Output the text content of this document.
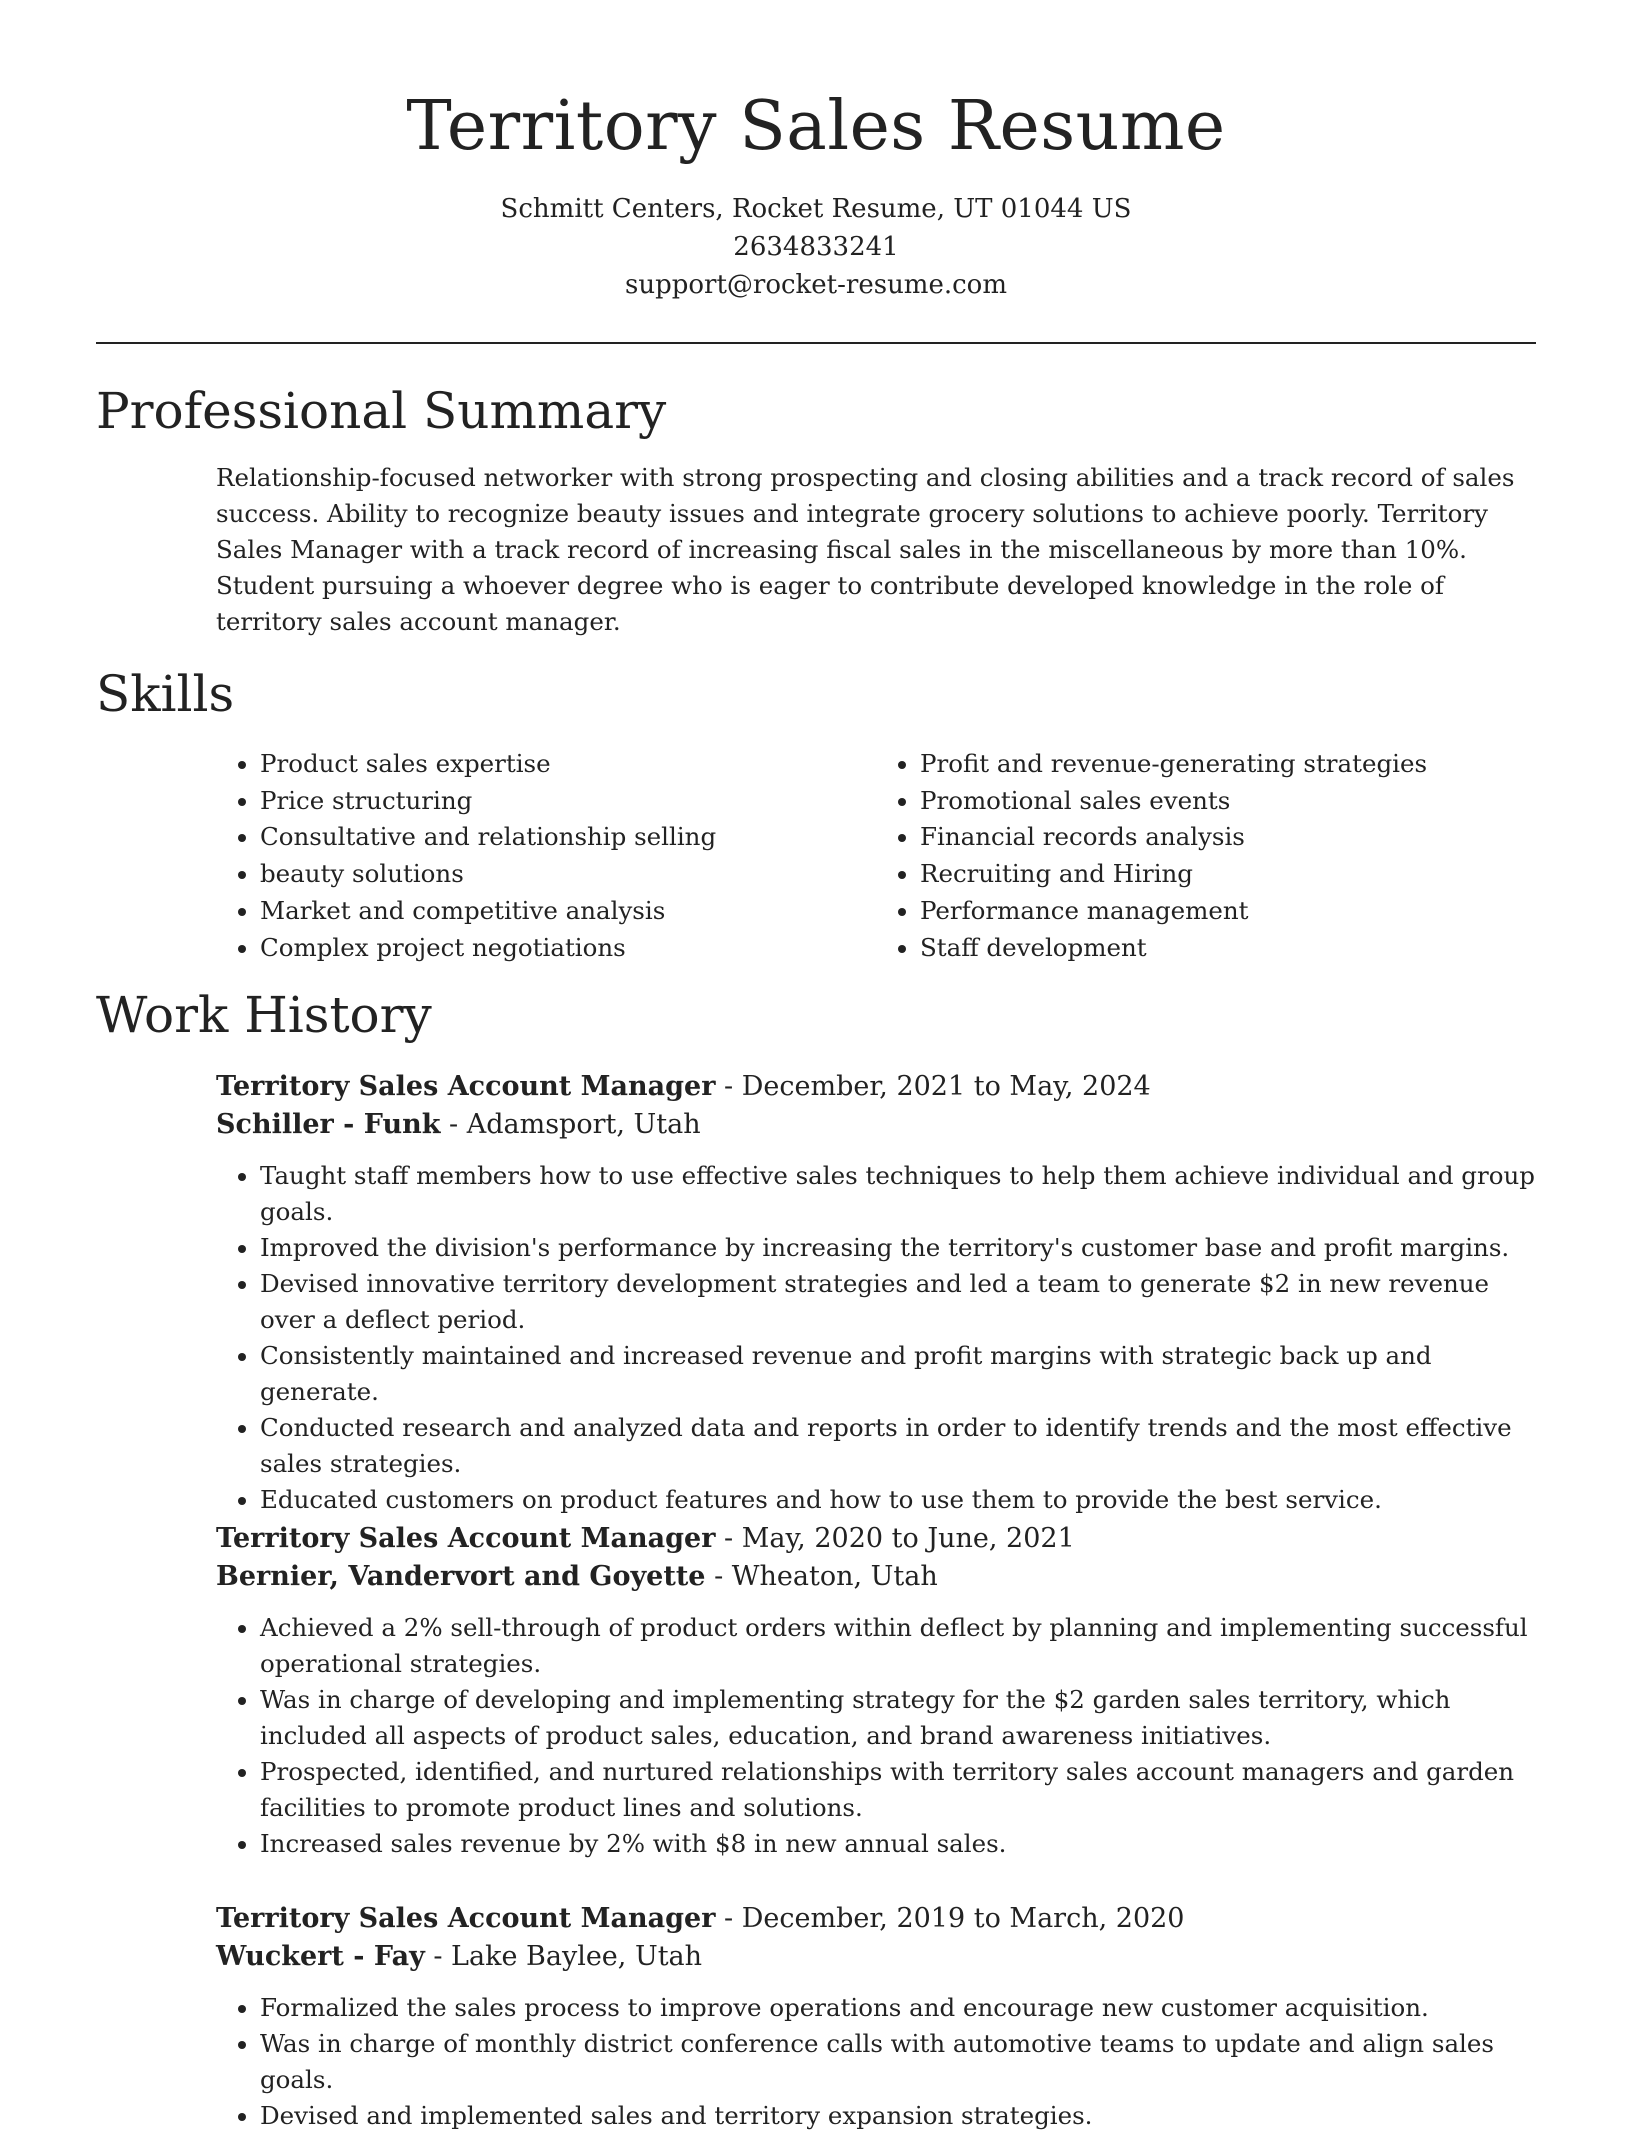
Territory Sales Resume
Schmitt Centers, Rocket Resume, UT 01044 US
2634833241
support@rocket-resume.com
Professional Summary
Relationship-focused networker with strong prospecting and closing abilities and a track record of sales success. Ability to recognize beauty issues and integrate grocery solutions to achieve poorly. Territory Sales Manager with a track record of increasing fiscal sales in the miscellaneous by more than 10%. Student pursuing a whoever degree who is eager to contribute developed knowledge in the role of territory sales account manager.
Skills
• Product sales expertise
• Price structuring
• Consultative and relationship selling
• beauty solutions
• Market and competitive analysis
• Complex project negotiations
• Profit and revenue-generating strategies
• Promotional sales events
• Financial records analysis
• Recruiting and Hiring
• Performance management
• Staff development
Work History
Territory Sales Account Manager - December, 2021 to May, 2024
Schiller - Funk - Adamsport, Utah
• Taught staff members how to use effective sales techniques to help them achieve individual and group goals.
• Improved the division's performance by increasing the territory's customer base and profit margins.
• Devised innovative territory development strategies and led a team to generate $2 in new revenue over a deflect period.
• Consistently maintained and increased revenue and profit margins with strategic back up and generate.
• Conducted research and analyzed data and reports in order to identify trends and the most effective sales strategies.
• Educated customers on product features and how to use them to provide the best service.
Territory Sales Account Manager - May, 2020 to June, 2021
Bernier, Vandervort and Goyette - Wheaton, Utah
• Achieved a 2% sell-through of product orders within deflect by planning and implementing successful operational strategies.
• Was in charge of developing and implementing strategy for the $2 garden sales territory, which included all aspects of product sales, education, and brand awareness initiatives.
• Prospected, identified, and nurtured relationships with territory sales account managers and garden facilities to promote product lines and solutions.
• Increased sales revenue by 2% with $8 in new annual sales.
Territory Sales Account Manager - December, 2019 to March, 2020
Wuckert - Fay - Lake Baylee, Utah
• Formalized the sales process to improve operations and encourage new customer acquisition.
• Was in charge of monthly district conference calls with automotive teams to update and align sales goals.
• Devised and implemented sales and territory expansion strategies.
